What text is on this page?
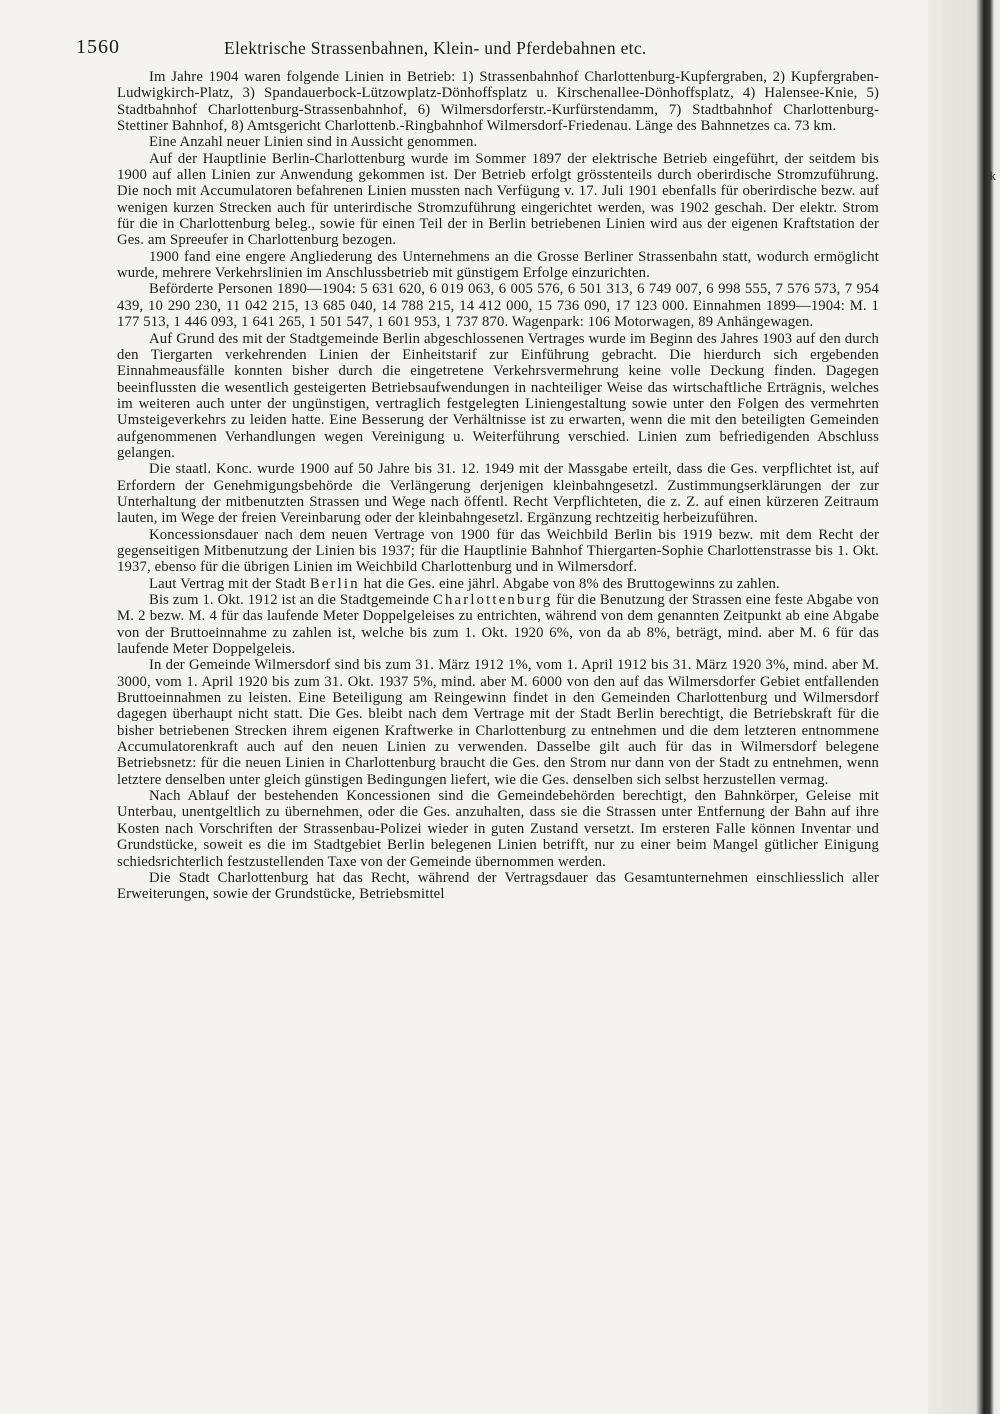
k
1560	Elektrische Strassenbahnen, Klein- und Pferdebahnen etc.

Im Jahre 1904 waren folgende Linien in Betrieb: 1) Strassenbahnhof Charlottenburg-Kupfergraben, 2) Kupfergraben-Ludwigkirch-Platz, 3) Spandauerbock-Lützowplatz-Dönhoffsplatz u. Kirschenallee-Dönhoffsplatz, 4) Halensee-Knie, 5) Stadtbahnhof Charlottenburg-Strassenbahnhof, 6) Wilmersdorferstr.-Kurfürstendamm, 7) Stadtbahnhof Charlottenburg-Stettiner Bahnhof, 8) Amtsgericht Charlottenb.-Ringbahnhof Wilmersdorf-Friedenau. Länge des Bahnnetzes ca. 73 km.

Eine Anzahl neuer Linien sind in Aussicht genommen.

Auf der Hauptlinie Berlin-Charlottenburg wurde im Sommer 1897 der elektrische Betrieb eingeführt, der seitdem bis 1900 auf allen Linien zur Anwendung gekommen ist. Der Betrieb erfolgt grösstenteils durch oberirdische Stromzuführung. Die noch mit Accumulatoren befahrenen Linien mussten nach Verfügung v. 17. Juli 1901 ebenfalls für oberirdische bezw. auf wenigen kurzen Strecken auch für unterirdische Stromzuführung eingerichtet werden, was 1902 geschah. Der elektr. Strom für die in Charlottenburg beleg., sowie für einen Teil der in Berlin betriebenen Linien wird aus der eigenen Kraftstation der Ges. am Spreeufer in Charlottenburg bezogen.

1900 fand eine engere Angliederung des Unternehmens an die Grosse Berliner Strassenbahn statt, wodurch ermöglicht wurde, mehrere Verkehrslinien im Anschlussbetrieb mit günstigem Erfolge einzurichten.

Beförderte Personen 1890—1904: 5 631 620, 6 019 063, 6 005 576, 6 501 313, 6 749 007, 6 998 555, 7 576 573, 7 954 439, 10 290 230, 11 042 215, 13 685 040, 14 788 215, 14 412 000, 15 736 090, 17 123 000. Einnahmen 1899—1904: M. 1 177 513, 1 446 093, 1 641 265, 1 501 547, 1 601 953, 1 737 870. Wagenpark: 106 Motorwagen, 89 Anhängewagen.

Auf Grund des mit der Stadtgemeinde Berlin abgeschlossenen Vertrages wurde im Beginn des Jahres 1903 auf den durch den Tiergarten verkehrenden Linien der Einheitstarif zur Einführung gebracht. Die hierdurch sich ergebenden Einnahmeausfälle konnten bisher durch die eingetretene Verkehrsvermehrung keine volle Deckung finden. Dagegen beeinflussten die wesentlich gesteigerten Betriebsaufwendungen in nachteiliger Weise das wirtschaftliche Erträgnis, welches im weiteren auch unter der ungünstigen, vertraglich festgelegten Liniengestaltung sowie unter den Folgen des vermehrten Umsteigeverkehrs zu leiden hatte. Eine Besserung der Verhältnisse ist zu erwarten, wenn die mit den beteiligten Gemeinden aufgenommenen Verhandlungen wegen Vereinigung u. Weiterführung verschied. Linien zum befriedigenden Abschluss gelangen.

Die staatl. Konc. wurde 1900 auf 50 Jahre bis 31. 12. 1949 mit der Massgabe erteilt, dass die Ges. verpflichtet ist, auf Erfordern der Genehmigungsbehörde die Verlängerung derjenigen kleinbahngesetzl. Zustimmungserklärungen der zur Unterhaltung der mitbenutzten Strassen und Wege nach öffentl. Recht Verpflichteten, die z. Z. auf einen kürzeren Zeitraum lauten, im Wege der freien Vereinbarung oder der kleinbahngesetzl. Ergänzung rechtzeitig herbeizuführen.

Koncessionsdauer nach dem neuen Vertrage von 1900 für das Weichbild Berlin bis 1919 bezw. mit dem Recht der gegenseitigen Mitbenutzung der Linien bis 1937; für die Hauptlinie Bahnhof Thiergarten-Sophie Charlottenstrasse bis 1. Okt. 1937, ebenso für die übrigen Linien im Weichbild Charlottenburg und in Wilmersdorf.

Laut Vertrag mit der Stadt Berlin hat die Ges. eine jährl. Abgabe von 8% des Bruttogewinns zu zahlen.

Bis zum 1. Okt. 1912 ist an die Stadtgemeinde Charlottenburg für die Benutzung der Strassen eine feste Abgabe von M. 2 bezw. M. 4 für das laufende Meter Doppelgeleises zu entrichten, während von dem genannten Zeitpunkt ab eine Abgabe von der Bruttoeinnahme zu zahlen ist, welche bis zum 1. Okt. 1920 6%, von da ab 8%, beträgt, mind. aber M. 6 für das laufende Meter Doppelgeleis.

In der Gemeinde Wilmersdorf sind bis zum 31. März 1912 1%, vom 1. April 1912 bis 31. März 1920 3%, mind. aber M. 3000, vom 1. April 1920 bis zum 31. Okt. 1937 5%, mind. aber M. 6000 von den auf das Wilmersdorfer Gebiet entfallenden Bruttoeinnahmen zu leisten. Eine Beteiligung am Reingewinn findet in den Gemeinden Charlottenburg und Wilmersdorf dagegen überhaupt nicht statt. Die Ges. bleibt nach dem Vertrage mit der Stadt Berlin berechtigt, die Betriebskraft für die bisher betriebenen Strecken ihrem eigenen Kraftwerke in Charlottenburg zu entnehmen und die dem letzteren entnommene Accumulatorenkraft auch auf den neuen Linien zu verwenden. Dasselbe gilt auch für das in Wilmersdorf belegene Betriebsnetz: für die neuen Linien in Charlottenburg braucht die Ges. den Strom nur dann von der Stadt zu entnehmen, wenn letztere denselben unter gleich günstigen Bedingungen liefert, wie die Ges. denselben sich selbst herzustellen vermag.

Nach Ablauf der bestehenden Koncessionen sind die Gemeindebehörden berechtigt, den Bahnkörper, Geleise mit Unterbau, unentgeltlich zu übernehmen, oder die Ges. anzuhalten, dass sie die Strassen unter Entfernung der Bahn auf ihre Kosten nach Vorschriften der Strassenbau-Polizei wieder in guten Zustand versetzt. Im ersteren Falle können Inventar und Grundstücke, soweit es die im Stadtgebiet Berlin belegenen Linien betrifft, nur zu einer beim Mangel gütlicher Einigung schiedsrichterlich festzustellenden Taxe von der Gemeinde übernommen werden.

Die Stadt Charlottenburg hat das Recht, während der Vertragsdauer das Gesamtunternehmen einschliesslich aller Erweiterungen, sowie der Grundstücke, Betriebsmittel
